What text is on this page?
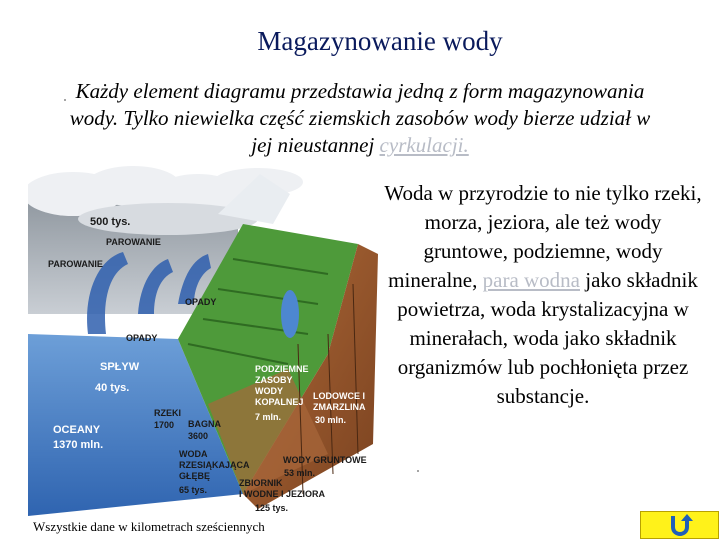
Magazynowanie wody
Każdy element diagramu przedstawia jedną z form magazynowania wody. Tylko niewielka część ziemskich zasobów wody bierze udział w jej nieustannej cyrkulacji.
Woda w przyrodzie to nie tylko rzeki, morza, jeziora, ale też wody gruntowe, podziemne, wody mineralne, para wodna jako składnik powietrza, woda krystalizacyjna w minerałach, woda jako składnik organizmów lub pochłonięta przez substancje.
500 tys.
PAROWANIE
PAROWANIE
OPADY
OPADY
SPŁYW
40 tys.
PODZIEMNE
ZASOBY
WODY
KOPALNEJ
7 mln.
LODOWCE I
ZMARZLINA
30 mln.
OCEANY
1370 mln.
RZEKI
1700 BAGNA
3600
WODA
RZESIĄKAJĄCA
GŁĘBĘ
65 tys.
WODY GRUNTOWE
53 mln.
ZBIORNIK
I WODNE I JEZIORA
125 tys.
Wszystkie dane w kilometrach sześciennych
